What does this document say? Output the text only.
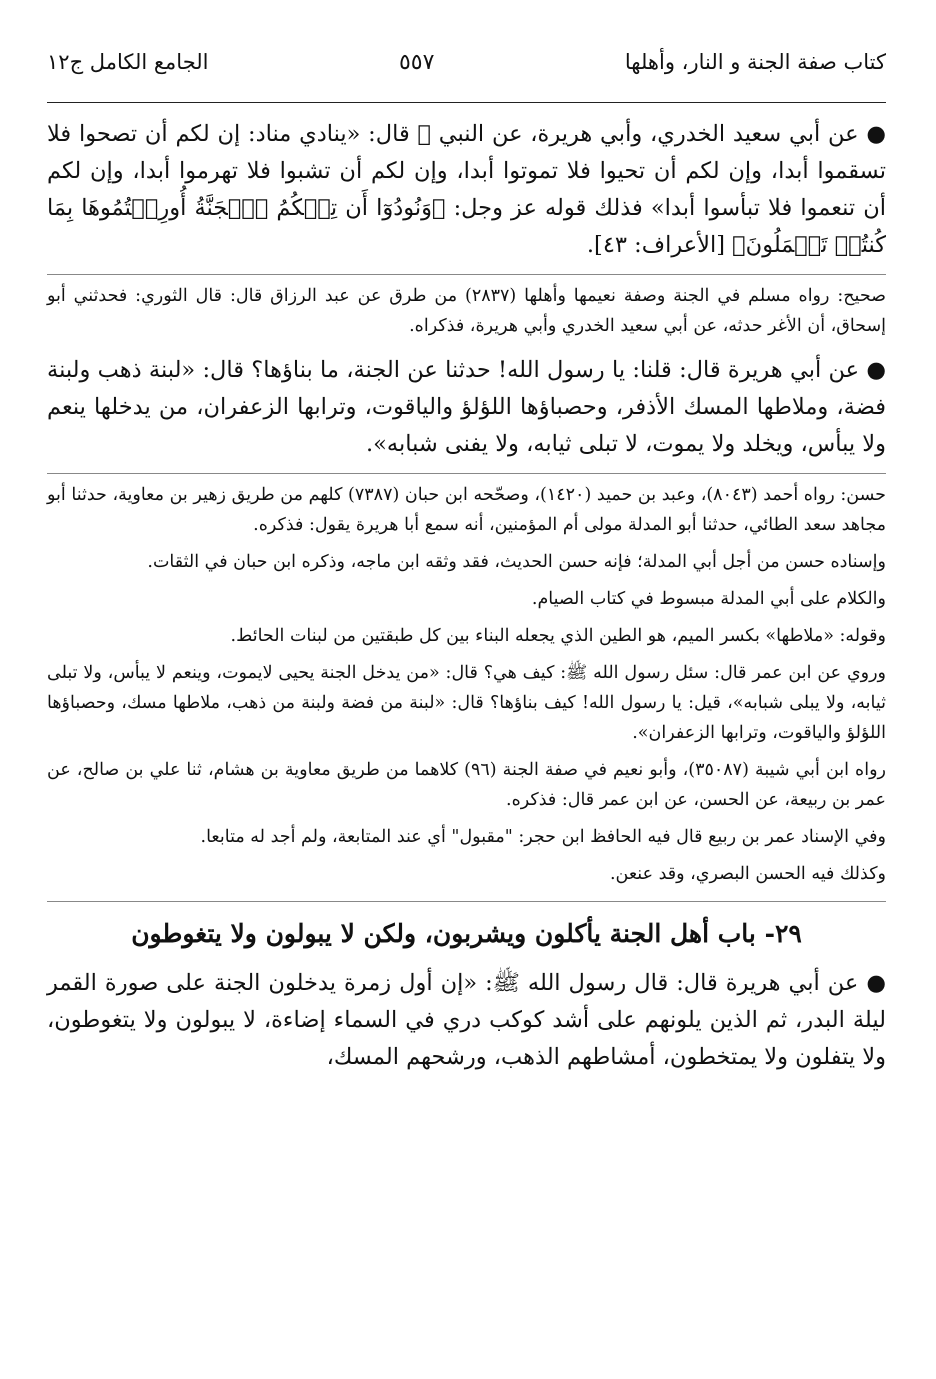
كتاب صفة الجنة و النار، وأهلها
٥٥٧
الجامع الكامل ج١٢

● عن أبي سعيد الخدري، وأبي هريرة، عن النبي ﷺ قال: «ينادي مناد: إن لكم أن تصحوا فلا تسقموا أبدا، وإن لكم أن تحيوا فلا تموتوا أبدا، وإن لكم أن تشبوا فلا تهرموا أبدا، وإن لكم أن تنعموا فلا تبأسوا أبدا» فذلك قوله عز وجل: ﴿وَنُودُوٓا أَن تِلۡكُمُ ٱلۡجَنَّةُ أُورِثۡتُمُوهَا بِمَا كُنتُمۡ تَعۡمَلُونَ﴾ [الأعراف: ٤٣].

صحيح: رواه مسلم في الجنة وصفة نعيمها وأهلها (٢٨٣٧) من طرق عن عبد الرزاق قال: قال الثوري: فحدثني أبو إسحاق، أن الأغر حدثه، عن أبي سعيد الخدري وأبي هريرة، فذكراه.

● عن أبي هريرة قال: قلنا: يا رسول الله! حدثنا عن الجنة، ما بناؤها؟ قال: «لبنة ذهب ولبنة فضة، وملاطها المسك الأذفر، وحصباؤها اللؤلؤ والياقوت، وترابها الزعفران، من يدخلها ينعم ولا يبأس، ويخلد ولا يموت، لا تبلى ثيابه، ولا يفنى شبابه».

حسن: رواه أحمد (٨٠٤٣)، وعبد بن حميد (١٤٢٠)، وصحّحه ابن حبان (٧٣٨٧) كلهم من طريق زهير بن معاوية، حدثنا أبو مجاهد سعد الطائي، حدثنا أبو المدلة مولى أم المؤمنين، أنه سمع أبا هريرة يقول: فذكره.

وإسناده حسن من أجل أبي المدلة؛ فإنه حسن الحديث، فقد وثقه ابن ماجه، وذكره ابن حبان في الثقات.

والكلام على أبي المدلة مبسوط في كتاب الصيام.

وقوله: «ملاطها» بكسر الميم، هو الطين الذي يجعله البناء بين كل طبقتين من لبنات الحائط.

وروي عن ابن عمر قال: سئل رسول الله ﷺ: كيف هي؟ قال: «من يدخل الجنة يحيى لايموت، وينعم لا يبأس، ولا تبلى ثيابه، ولا يبلى شبابه»، قيل: يا رسول الله! كيف بناؤها؟ قال: «لبنة من فضة ولبنة من ذهب، ملاطها مسك، وحصباؤها اللؤلؤ والياقوت، وترابها الزعفران».

رواه ابن أبي شيبة (٣٥٠٨٧)، وأبو نعيم في صفة الجنة (٩٦) كلاهما من طريق معاوية بن هشام، ثنا علي بن صالح، عن عمر بن ربيعة، عن الحسن، عن ابن عمر قال: فذكره.

وفي الإسناد عمر بن ربيع قال فيه الحافظ ابن حجر: "مقبول" أي عند المتابعة، ولم أجد له متابعا.

وكذلك فيه الحسن البصري، وقد عنعن.

٢٩- باب أهل الجنة يأكلون ويشربون، ولكن لا يبولون ولا يتغوطون

● عن أبي هريرة قال: قال رسول الله ﷺ: «إن أول زمرة يدخلون الجنة على صورة القمر ليلة البدر، ثم الذين يلونهم على أشد كوكب دري في السماء إضاءة، لا يبولون ولا يتغوطون، ولا يتفلون ولا يمتخطون، أمشاطهم الذهب، ورشحهم المسك،
